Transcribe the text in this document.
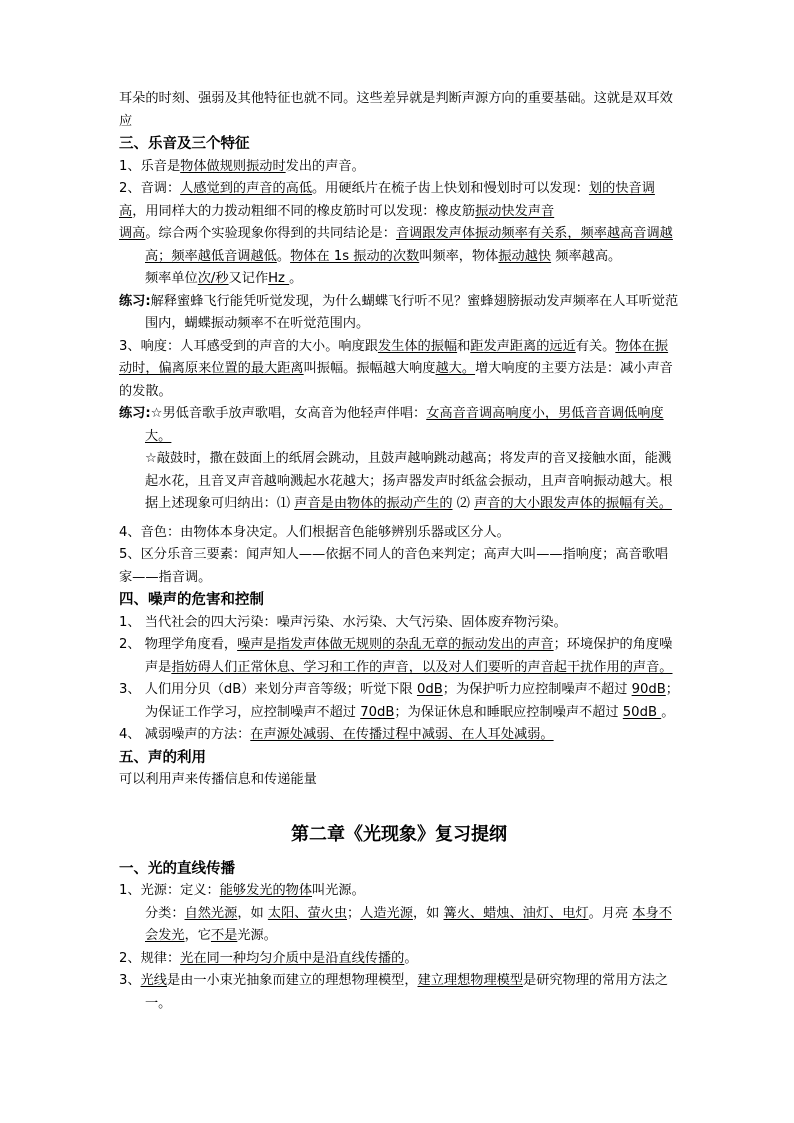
耳朵的时刻、强弱及其他特征也就不同。这些差异就是判断声源方向的重要基础。这就是双耳效应

三、乐音及三个特征

1、乐音是物体做规则振动时发出的声音。

2、音调：人感觉到的声音的高低。用硬纸片在梳子齿上快划和慢划时可以发现：划的快音调高，用同样大的力拨动粗细不同的橡皮筋时可以发现：橡皮筋振动快发声音

调高。综合两个实验现象你得到的共同结论是：音调跟发声体振动频率有关系，频率越高音调越高；频率越低音调越低。物体在 1s 振动的次数叫频率，物体振动越快 频率越高。

频率单位次/秒又记作Hz 。

练习:解释蜜蜂飞行能凭听觉发现，为什么蝴蝶飞行听不见？蜜蜂翅膀振动发声频率在人耳听觉范围内，蝴蝶振动频率不在听觉范围内。

3、响度：人耳感受到的声音的大小。响度跟发生体的振幅和距发声距离的远近有关。物体在振动时，偏离原来位置的最大距离叫振幅。振幅越大响度越大。增大响度的主要方法是：减小声音的发散。

练习:☆男低音歌手放声歌唱，女高音为他轻声伴唱：女高音音调高响度小，男低音音调低响度大。

☆敲鼓时，撒在鼓面上的纸屑会跳动，且鼓声越响跳动越高；将发声的音叉接触水面，能溅起水花，且音叉声音越响溅起水花越大；扬声器发声时纸盆会振动，且声音响振动越大。根据上述现象可归纳出：⑴ 声音是由物体的振动产生的 ⑵ 声音的大小跟发声体的振幅有关。

4、音色：由物体本身决定。人们根据音色能够辨别乐器或区分人。

5、区分乐音三要素：闻声知人——依据不同人的音色来判定；高声大叫——指响度；高音歌唱家——指音调。

四、噪声的危害和控制

1、 当代社会的四大污染：噪声污染、水污染、大气污染、固体废弃物污染。

2、 物理学角度看，噪声是指发声体做无规则的杂乱无章的振动发出的声音；环境保护的角度噪声是指妨碍人们正常休息、学习和工作的声音，以及对人们要听的声音起干扰作用的声音。

3、 人们用分贝（dB）来划分声音等级；听觉下限 0dB；为保护听力应控制噪声不超过 90dB；为保证工作学习，应控制噪声不超过 70dB；为保证休息和睡眠应控制噪声不超过 50dB 。

4、 减弱噪声的方法：在声源处减弱、在传播过程中减弱、在人耳处减弱。

五、声的利用

可以利用声来传播信息和传递能量

第二章《光现象》复习提纲

一、光的直线传播

1、光源：定义：能够发光的物体叫光源。

分类：自然光源，如 太阳、萤火虫；人造光源，如 篝火、蜡烛、油灯、电灯。月亮 本身不会发光，它不是光源。

2、规律：光在同一种均匀介质中是沿直线传播的。

3、光线是由一小束光抽象而建立的理想物理模型，建立理想物理模型是研究物理的常用方法之一。
